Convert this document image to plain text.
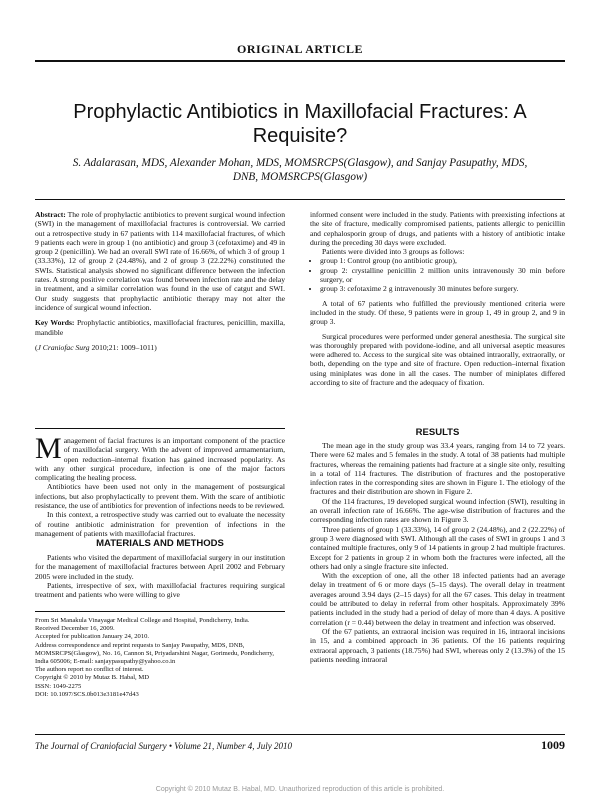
ORIGINAL ARTICLE
Prophylactic Antibiotics in Maxillofacial Fractures: A Requisite?
S. Adalarasan, MDS, Alexander Mohan, MDS, MOMSRCPS(Glasgow), and Sanjay Pasupathy, MDS, DNB, MOMSRCPS(Glasgow)

Abstract: The role of prophylactic antibiotics to prevent surgical wound infection (SWI) in the management of maxillofacial fractures is controversial. We carried out a retrospective study in 67 patients with 114 maxillofacial fractures, of which 9 patients each were in group 1 (no antibiotic) and group 3 (cefotaxime) and 49 in group 2 (penicillin). We had an overall SWI rate of 16.66%, of which 3 of group 1 (33.33%), 12 of group 2 (24.48%), and 2 of group 3 (22.22%) constituted the SWIs. Statistical analysis showed no significant difference between the infection rates. A strong positive correlation was found between infection rate and the delay in treatment, and a similar correlation was found in the use of catgut and SWI. Our study suggests that prophylactic antibiotic therapy may not alter the incidence of surgical wound infection.

Key Words: Prophylactic antibiotics, maxillofacial fractures, penicillin, maxilla, mandible

(J Craniofac Surg 2010;21: 1009–1011)

Management of facial fractures is an important component of the practice of maxillofacial surgery. With the advent of improved armamentarium, open reduction–internal fixation has gained increased popularity. As with any other surgical procedure, infection is one of the major factors complicating the healing process.

Antibiotics have been used not only in the management of postsurgical infections, but also prophylactically to prevent them. With the scare of antibiotic resistance, the use of antibiotics for prevention of infections needs to be reviewed.

In this context, a retrospective study was carried out to evaluate the necessity of routine antibiotic administration for prevention of infections in the management of patients with maxillofacial fractures.

MATERIALS AND METHODS

Patients who visited the department of maxillofacial surgery in our institution for the management of maxillofacial fractures between April 2002 and February 2005 were included in the study.

Patients, irrespective of sex, with maxillofacial fractures requiring surgical treatment and patients who were willing to give

From Sri Manakula Vinayagar Medical College and Hospital, Pondicherry, India.
Received December 16, 2009.
Accepted for publication January 24, 2010.
Address correspondence and reprint requests to Sanjay Pasupathy, MDS, DNB, MOMSRCPS(Glasgow), No. 16, Cannon St, Priyadarshini Nagar, Gorimedu, Pondicherry, India 605006; E-mail: sanjaypasupathy@yahoo.co.in
The authors report no conflict of interest.
Copyright © 2010 by Mutaz B. Habal, MD
ISSN: 1049-2275
DOI: 10.1097/SCS.0b013e3181e47d43

informed consent were included in the study. Patients with preexisting infections at the site of fracture, medically compromised patients, patients allergic to penicillin and cephalosporin group of drugs, and patients with a history of antibiotic intake during the preceding 30 days were excluded.

Patients were divided into 3 groups as follows:

• group 1: Control group (no antibiotic group),
• group 2: crystalline penicillin 2 million units intravenously 30 min before surgery, or
• group 3: cefotaxime 2 g intravenously 30 minutes before surgery.

A total of 67 patients who fulfilled the previously mentioned criteria were included in the study. Of these, 9 patients were in group 1, 49 in group 2, and 9 in group 3.

Surgical procedures were performed under general anesthesia. The surgical site was thoroughly prepared with povidone-iodine, and all universal aseptic measures were adhered to. Access to the surgical site was obtained intraorally, extraorally, or both, depending on the type and site of fracture. Open reduction–internal fixation using miniplates was done in all the cases. The number of miniplates differed according to site of fracture and the adequacy of fixation.

RESULTS

The mean age in the study group was 33.4 years, ranging from 14 to 72 years. There were 62 males and 5 females in the study. A total of 38 patients had multiple fractures, whereas the remaining patients had fracture at a single site only, resulting in a total of 114 fractures. The distribution of fractures and the postoperative infection rates in the corresponding sites are shown in Figure 1. The etiology of the fractures and their distribution are shown in Figure 2.

Of the 114 fractures, 19 developed surgical wound infection (SWI), resulting in an overall infection rate of 16.66%. The age-wise distribution of fractures and the corresponding infection rates are shown in Figure 3.

Three patients of group 1 (33.33%), 14 of group 2 (24.48%), and 2 (22.22%) of group 3 were diagnosed with SWI. Although all the cases of SWI in groups 1 and 3 contained multiple fractures, only 9 of 14 patients in group 2 had multiple fractures. Except for 2 patients in group 2 in whom both the fractures were infected, all the others had only a single fracture site infected.

With the exception of one, all the other 18 infected patients had an average delay in treatment of 6 or more days (5–15 days). The overall delay in treatment averages around 3.94 days (2–15 days) for all the 67 cases. This delay in treatment could be attributed to delay in referral from other hospitals. Approximately 39% patients included in the study had a period of delay of more than 4 days. A positive correlation (r = 0.44) between the delay in treatment and infection was observed.

Of the 67 patients, an extraoral incision was required in 16, intraoral incisions in 15, and a combined approach in 36 patients. Of the 16 patients requiring extraoral approach, 3 patients (18.75%) had SWI, whereas only 2 (13.3%) of the 15 patients needing intraoral

The Journal of Craniofacial Surgery • Volume 21, Number 4, July 2010	1009
Copyright © 2010 Mutaz B. Habal, MD. Unauthorized reproduction of this article is prohibited.
